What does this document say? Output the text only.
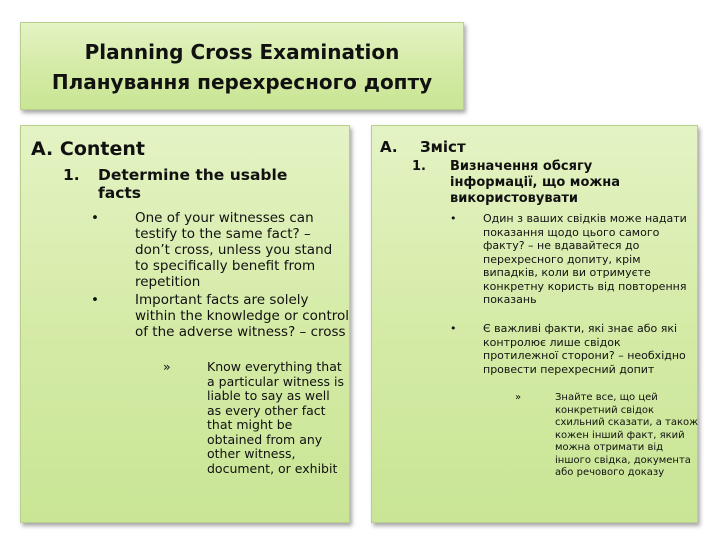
Planning Cross Examination
Планування перехресного допту
A. Content
1. Determine the usable facts
•	One of your witnesses can testify to the same fact? – don’t cross, unless you stand to specifically benefit from repetition
•	Important facts are solely within the knowledge or control of the adverse witness? – cross
»	Know everything that a particular witness is liable to say as well as every other fact that might be obtained from any other witness, document, or exhibit
A. Зміст
1. Визначення обсягу інформації, що можна використовувати
• Один з ваших свідків може надати показання щодо цього самого факту? – не вдавайтеся до перехресного допиту, крім випадків, коли ви отримуєте конкретну користь від повторення показань
• Є важливі факти, які знає або які контролює лише свідок протилежної сторони? – необхідно провести перехресний допит
»	Знайте все, що цей конкретний свідок схильний сказати, а також кожен інший факт, який можна отримати від іншого свідка, документа або речового доказу
